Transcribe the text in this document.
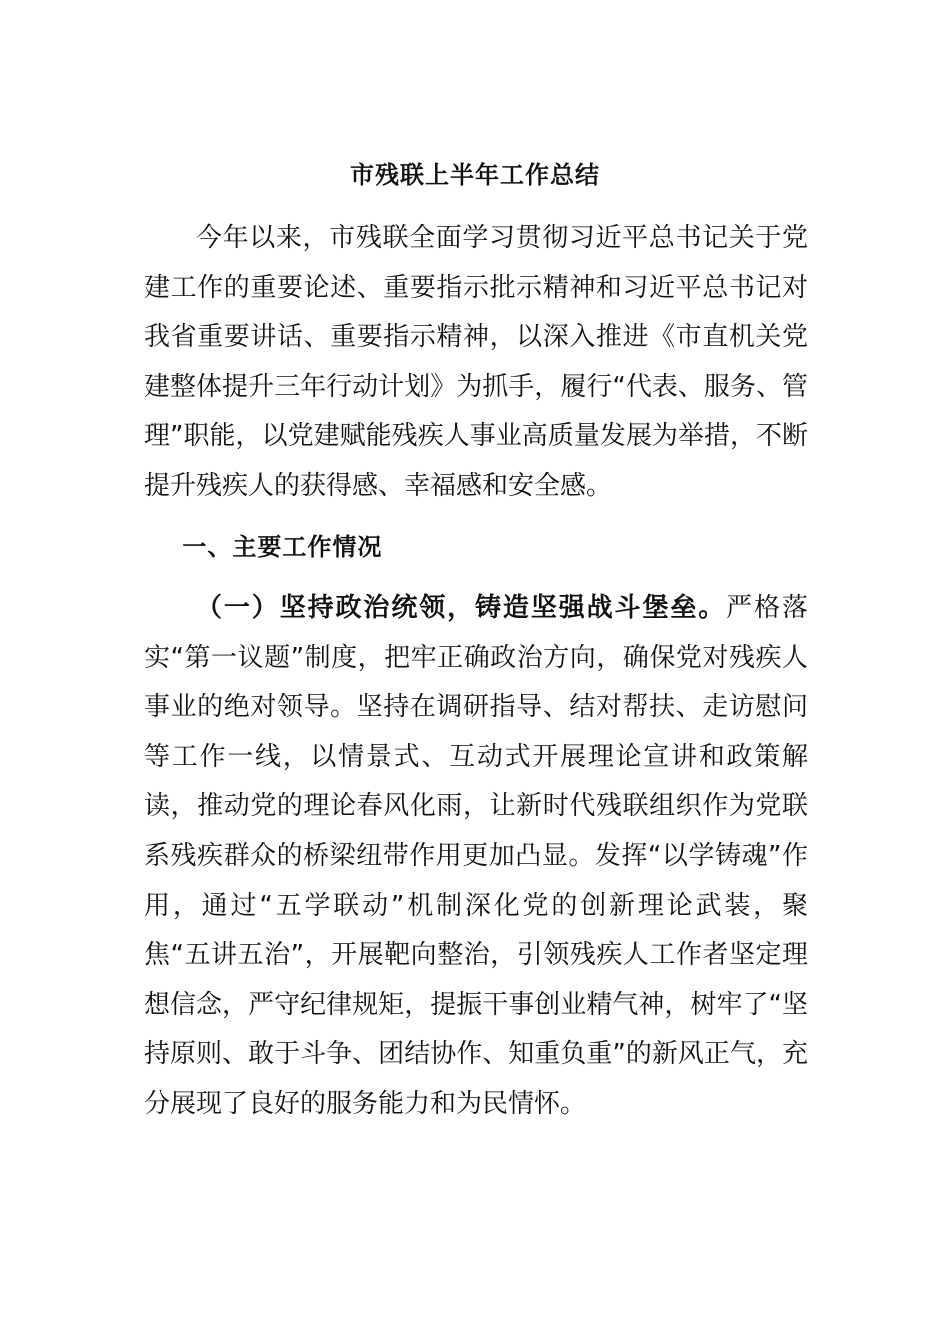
市残联上半年工作总结

今年以来，市残联全面学习贯彻习近平总书记关于党建工作的重要论述、重要指示批示精神和习近平总书记对我省重要讲话、重要指示精神，以深入推进《市直机关党建整体提升三年行动计划》为抓手，履行“代表、服务、管理”职能，以党建赋能残疾人事业高质量发展为举措，不断提升残疾人的获得感、幸福感和安全感。

一、主要工作情况

（一）坚持政治统领，铸造坚强战斗堡垒。严格落实“第一议题”制度，把牢正确政治方向，确保党对残疾人事业的绝对领导。坚持在调研指导、结对帮扶、走访慰问等工作一线，以情景式、互动式开展理论宣讲和政策解读，推动党的理论春风化雨，让新时代残联组织作为党联系残疾群众的桥梁纽带作用更加凸显。发挥“以学铸魂”作用，通过“五学联动”机制深化党的创新理论武装，聚焦“五讲五治”，开展靶向整治，引领残疾人工作者坚定理想信念，严守纪律规矩，提振干事创业精气神，树牢了“坚持原则、敢于斗争、团结协作、知重负重”的新风正气，充分展现了良好的服务能力和为民情怀。
